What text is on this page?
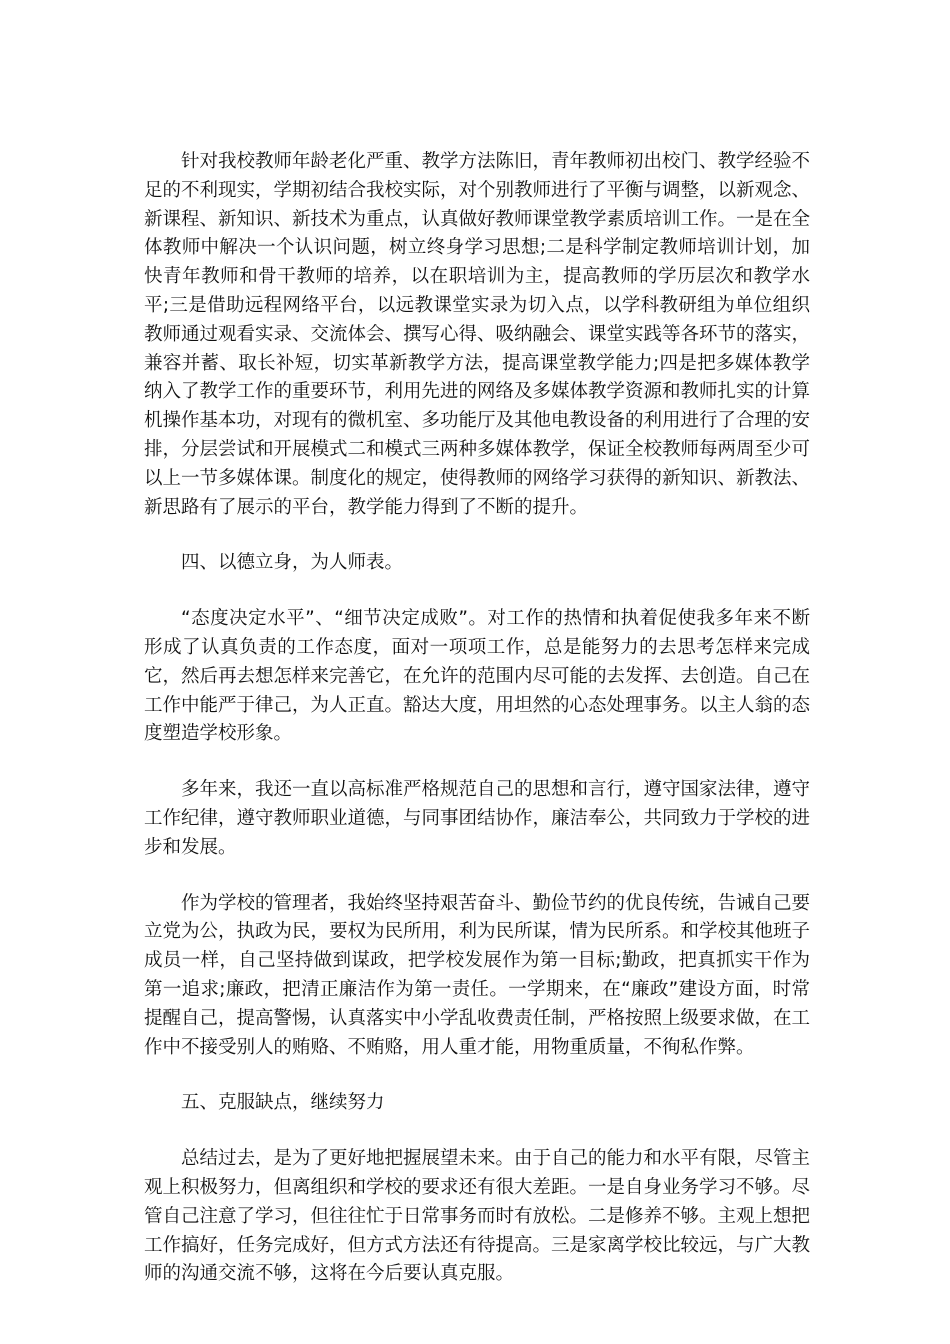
针对我校教师年龄老化严重、教学方法陈旧，青年教师初出校门、教学经验不足的不利现实，学期初结合我校实际，对个别教师进行了平衡与调整，以新观念、新课程、新知识、新技术为重点，认真做好教师课堂教学素质培训工作。一是在全体教师中解决一个认识问题，树立终身学习思想;二是科学制定教师培训计划，加快青年教师和骨干教师的培养，以在职培训为主，提高教师的学历层次和教学水平;三是借助远程网络平台，以远教课堂实录为切入点，以学科教研组为单位组织教师通过观看实录、交流体会、撰写心得、吸纳融会、课堂实践等各环节的落实，兼容并蓄、取长补短，切实革新教学方法，提高课堂教学能力;四是把多媒体教学纳入了教学工作的重要环节，利用先进的网络及多媒体教学资源和教师扎实的计算机操作基本功，对现有的微机室、多功能厅及其他电教设备的利用进行了合理的安排，分层尝试和开展模式二和模式三两种多媒体教学，保证全校教师每两周至少可以上一节多媒体课。制度化的规定，使得教师的网络学习获得的新知识、新教法、新思路有了展示的平台，教学能力得到了不断的提升。

四、以德立身，为人师表。

“态度决定水平”、“细节决定成败”。对工作的热情和执着促使我多年来不断形成了认真负责的工作态度，面对一项项工作，总是能努力的去思考怎样来完成它，然后再去想怎样来完善它，在允许的范围内尽可能的去发挥、去创造。自己在工作中能严于律己，为人正直。豁达大度，用坦然的心态处理事务。以主人翁的态度塑造学校形象。

多年来，我还一直以高标准严格规范自己的思想和言行，遵守国家法律，遵守工作纪律，遵守教师职业道德，与同事团结协作，廉洁奉公，共同致力于学校的进步和发展。

作为学校的管理者，我始终坚持艰苦奋斗、勤俭节约的优良传统，告诫自己要立党为公，执政为民，要权为民所用，利为民所谋，情为民所系。和学校其他班子成员一样，自己坚持做到谋政，把学校发展作为第一目标;勤政，把真抓实干作为第一追求;廉政，把清正廉洁作为第一责任。一学期来，在“廉政”建设方面，时常提醒自己，提高警惕，认真落实中小学乱收费责任制，严格按照上级要求做，在工作中不接受别人的贿赂、不贿赂，用人重才能，用物重质量，不徇私作弊。

五、克服缺点，继续努力

总结过去，是为了更好地把握展望未来。由于自己的能力和水平有限，尽管主观上积极努力，但离组织和学校的要求还有很大差距。一是自身业务学习不够。尽管自己注意了学习，但往往忙于日常事务而时有放松。二是修养不够。主观上想把工作搞好，任务完成好，但方式方法还有待提高。三是家离学校比较远，与广大教师的沟通交流不够，这将在今后要认真克服。
